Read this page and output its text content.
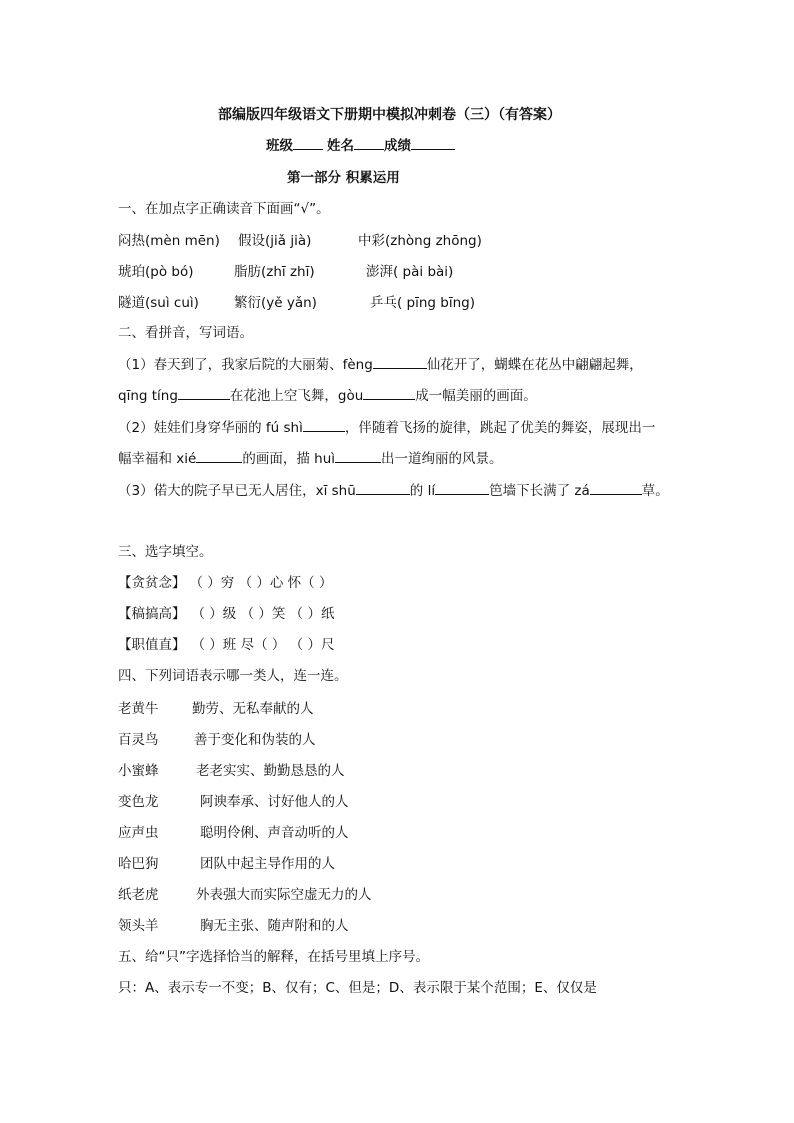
部编版四年级语文下册期中模拟冲刺卷（三）（有答案）
班级	姓名 成绩
第一部分 积累运用
一、在加点字正确读音下面画“√”。
闷热(mèn mēn) 假设(jiǎ jià)	中彩(zhòng zhōng)
琥珀(pò bó)	脂肪(zhī zhī)	澎湃( pài bài)
隧道(suì cuì)	繁衍(yě yǎn)	乒乓( pīng bīng)
二、看拼音，写词语。
（1）春天到了，我家后院的大丽菊、fèng	仙花开了，蝴蝶在花丛中翩翩起舞，
qīng tíng	在花池上空飞舞，gòu	成一幅美丽的画面。
（2）娃娃们身穿华丽的 fú shì	，伴随着飞扬的旋律，跳起了优美的舞姿，展现出一
幅幸福和 xié	的画面，描 huì	出一道绚丽的风景。
（3）偌大的院子早已无人居住，xī shū	的 lí	笆墙下长满了 zá	草。
三、选字填空。
【贪贫念】 （ ）穷 （ ）心 怀（ ）
【稿搞高】 （ ）级 （ ）笑 （ ）纸
【职值直】 （ ）班 尽（ ） （ ）尺
四、下列词语表示哪一类人，连一连。
老黄牛 勤劳、无私奉献的人
百灵鸟	善于变化和伪装的人
小蜜蜂	老老实实、勤勤恳恳的人
变色龙	阿谀奉承、讨好他人的人
应声虫	聪明伶俐、声音动听的人
哈巴狗	团队中起主导作用的人
纸老虎	外表强大而实际空虚无力的人
领头羊	胸无主张、随声附和的人
五、给“只”字选择恰当的解释，在括号里填上序号。
只：A、表示专一不变；B、仅有；C、但是；D、表示限于某个范围；E、仅仅是
